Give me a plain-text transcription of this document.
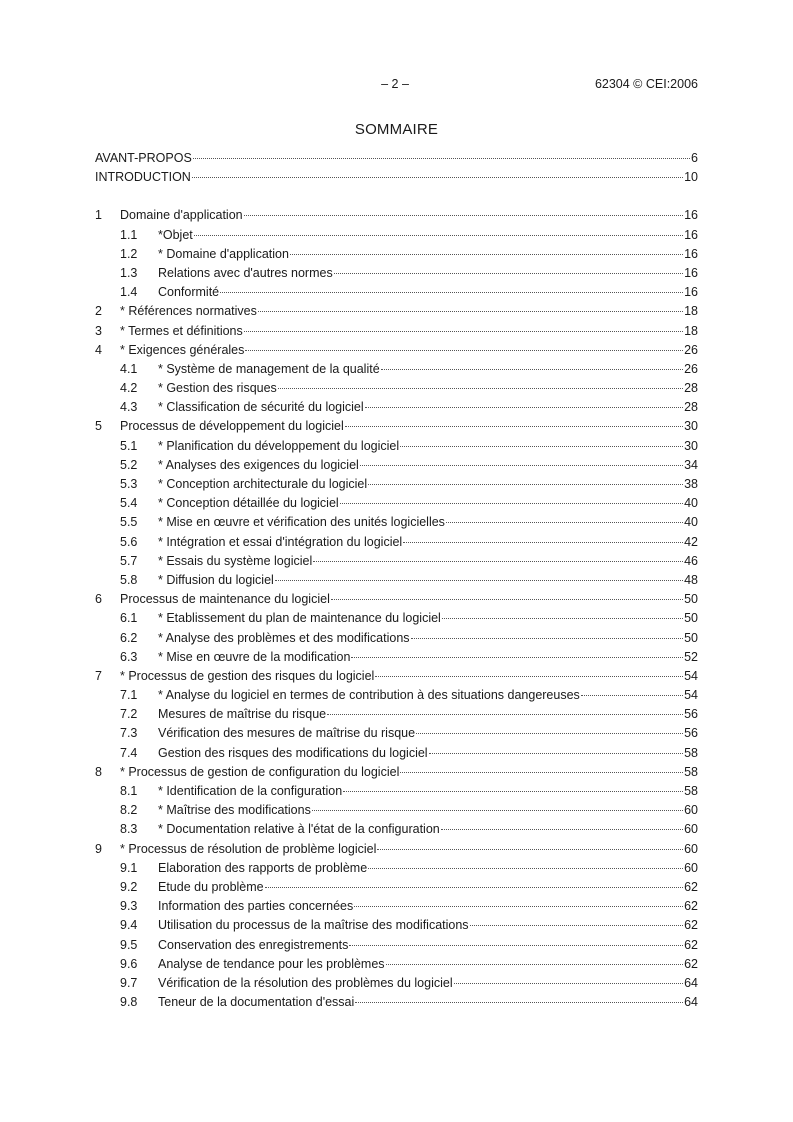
– 2 –	62304 © CEI:2006
SOMMAIRE
AVANT-PROPOS	6
INTRODUCTION	10
1	Domaine d'application	16
1.1	*Objet	16
1.2	* Domaine d'application	16
1.3	Relations avec d'autres normes	16
1.4	Conformité	16
2	* Références normatives	18
3	* Termes et définitions	18
4	* Exigences générales	26
4.1	* Système de management de la qualité	26
4.2	* Gestion des risques	28
4.3	* Classification de sécurité du logiciel	28
5	Processus de développement du logiciel	30
5.1	* Planification du développement du logiciel	30
5.2	* Analyses des exigences du logiciel	34
5.3	* Conception architecturale du logiciel	38
5.4	* Conception détaillée du logiciel	40
5.5	* Mise en œuvre et vérification des unités logicielles	40
5.6	* Intégration et essai d'intégration du logiciel	42
5.7	* Essais du système logiciel	46
5.8	* Diffusion du logiciel	48
6	Processus de maintenance du logiciel	50
6.1	* Etablissement du plan de maintenance du logiciel	50
6.2	* Analyse des problèmes et des modifications	50
6.3	* Mise en œuvre de la modification	52
7	* Processus de gestion des risques du logiciel	54
7.1	* Analyse du logiciel en termes de contribution à des situations dangereuses	54
7.2	Mesures de maîtrise du risque	56
7.3	Vérification des mesures de maîtrise du risque	56
7.4	Gestion des risques des modifications du logiciel	58
8	* Processus de gestion de configuration du logiciel	58
8.1	* Identification de la configuration	58
8.2	* Maîtrise des modifications	60
8.3	* Documentation relative à l'état de la configuration	60
9	* Processus de résolution de problème logiciel	60
9.1	Elaboration des rapports de problème	60
9.2	Etude du problème	62
9.3	Information des parties concernées	62
9.4	Utilisation du processus de la maîtrise des modifications	62
9.5	Conservation des enregistrements	62
9.6	Analyse de tendance pour les problèmes	62
9.7	Vérification de la résolution des problèmes du logiciel	64
9.8	Teneur de la documentation d'essai	64
